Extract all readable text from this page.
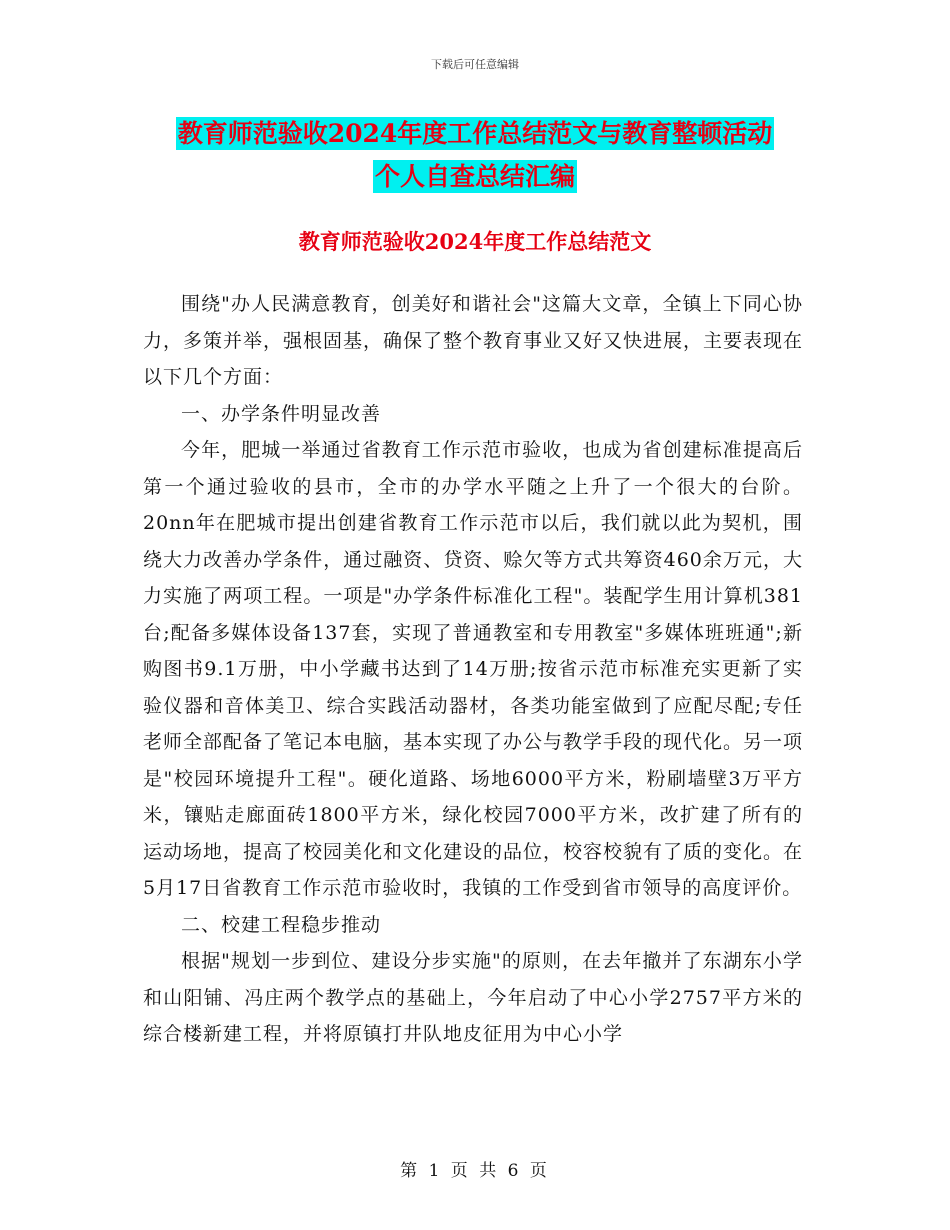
下载后可任意编辑
教育师范验收2024年度工作总结范文与教育整顿活动
个人自查总结汇编
教育师范验收2024年度工作总结范文

围绕"办人民满意教育，创美好和谐社会"这篇大文章，全镇上下同心协力，多策并举，强根固基，确保了整个教育事业又好又快进展，主要表现在以下几个方面：

一、办学条件明显改善

今年，肥城一举通过省教育工作示范市验收，也成为省创建标准提高后第一个通过验收的县市，全市的办学水平随之上升了一个很大的台阶。20nn年在肥城市提出创建省教育工作示范市以后，我们就以此为契机，围绕大力改善办学条件，通过融资、贷资、赊欠等方式共筹资460余万元，大力实施了两项工程。一项是"办学条件标准化工程"。装配学生用计算机381台;配备多媒体设备137套，实现了普通教室和专用教室"多媒体班班通";新购图书9.1万册，中小学藏书达到了14万册;按省示范市标准充实更新了实验仪器和音体美卫、综合实践活动器材，各类功能室做到了应配尽配;专任老师全部配备了笔记本电脑，基本实现了办公与教学手段的现代化。另一项是"校园环境提升工程"。硬化道路、场地6000平方米，粉刷墙壁3万平方米，镶贴走廊面砖1800平方米，绿化校园7000平方米，改扩建了所有的运动场地，提高了校园美化和文化建设的品位，校容校貌有了质的变化。在5月17日省教育工作示范市验收时，我镇的工作受到省市领导的高度评价。

二、校建工程稳步推动

根据"规划一步到位、建设分步实施"的原则，在去年撤并了东湖东小学和山阳铺、冯庄两个教学点的基础上，今年启动了中心小学2757平方米的综合楼新建工程，并将原镇打井队地皮征用为中心小学

第 1 页 共 6 页
